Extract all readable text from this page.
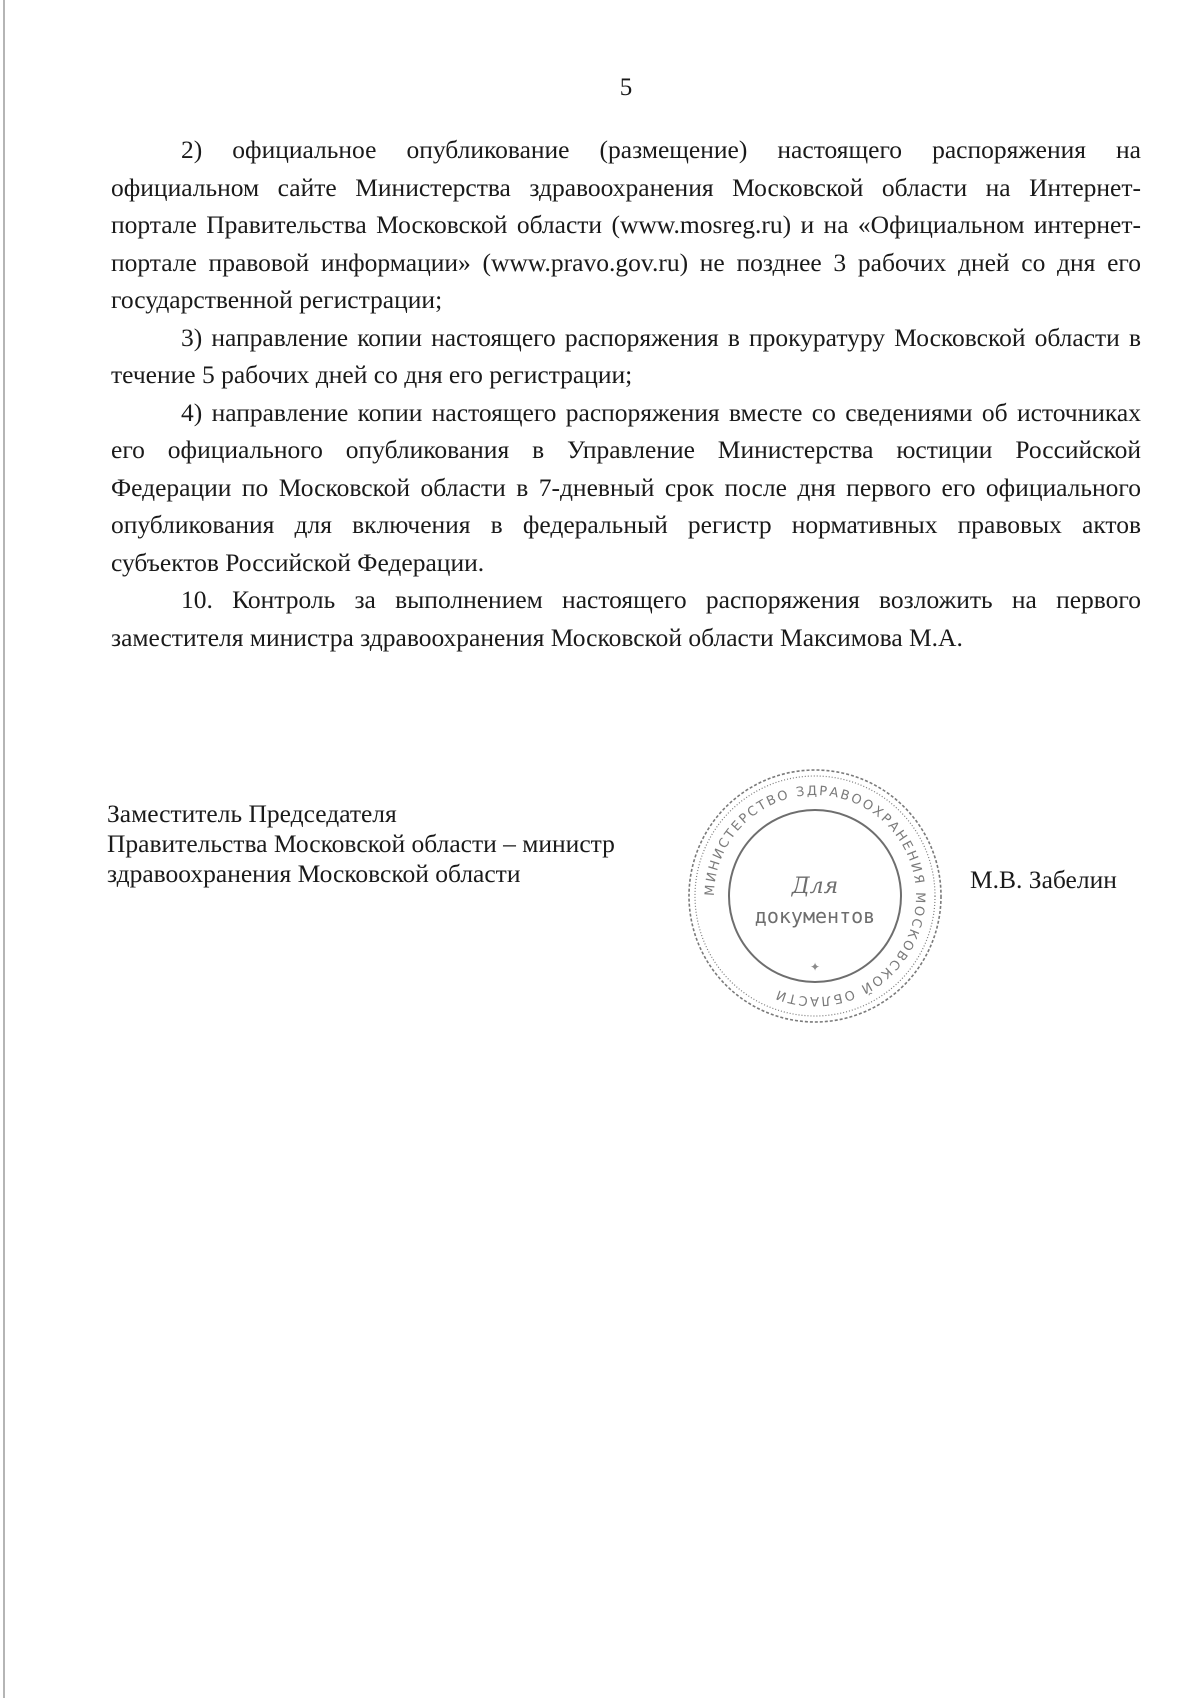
5

2) официальное опубликование (размещение) настоящего распоряжения на официальном сайте Министерства здравоохранения Московской области на Интернет-портале Правительства Московской области (www.mosreg.ru) и на «Официальном интернет-портале правовой информации» (www.pravo.gov.ru) не позднее 3 рабочих дней со дня его государственной регистрации;

3) направление копии настоящего распоряжения в прокуратуру Московской области в течение 5 рабочих дней со дня его регистрации;

4) направление копии настоящего распоряжения вместе со сведениями об источниках его официального опубликования в Управление Министерства юстиции Российской Федерации по Московской области в 7-дневный срок после дня первого его официального опубликования для включения в федеральный регистр нормативных правовых актов субъектов Российской Федерации.

10. Контроль за выполнением настоящего распоряжения возложить на первого заместителя министра здравоохранения Московской области Максимова М.А.

Заместитель Председателя
Правительства Московской области – министр
здравоохранения Московской области
МИНИСТЕРСТВО ЗДРАВООХРАНЕНИЯ МОСКОВСКОЙ ОБЛАСТИ
Для
документов
✦
М.В. Забелин
